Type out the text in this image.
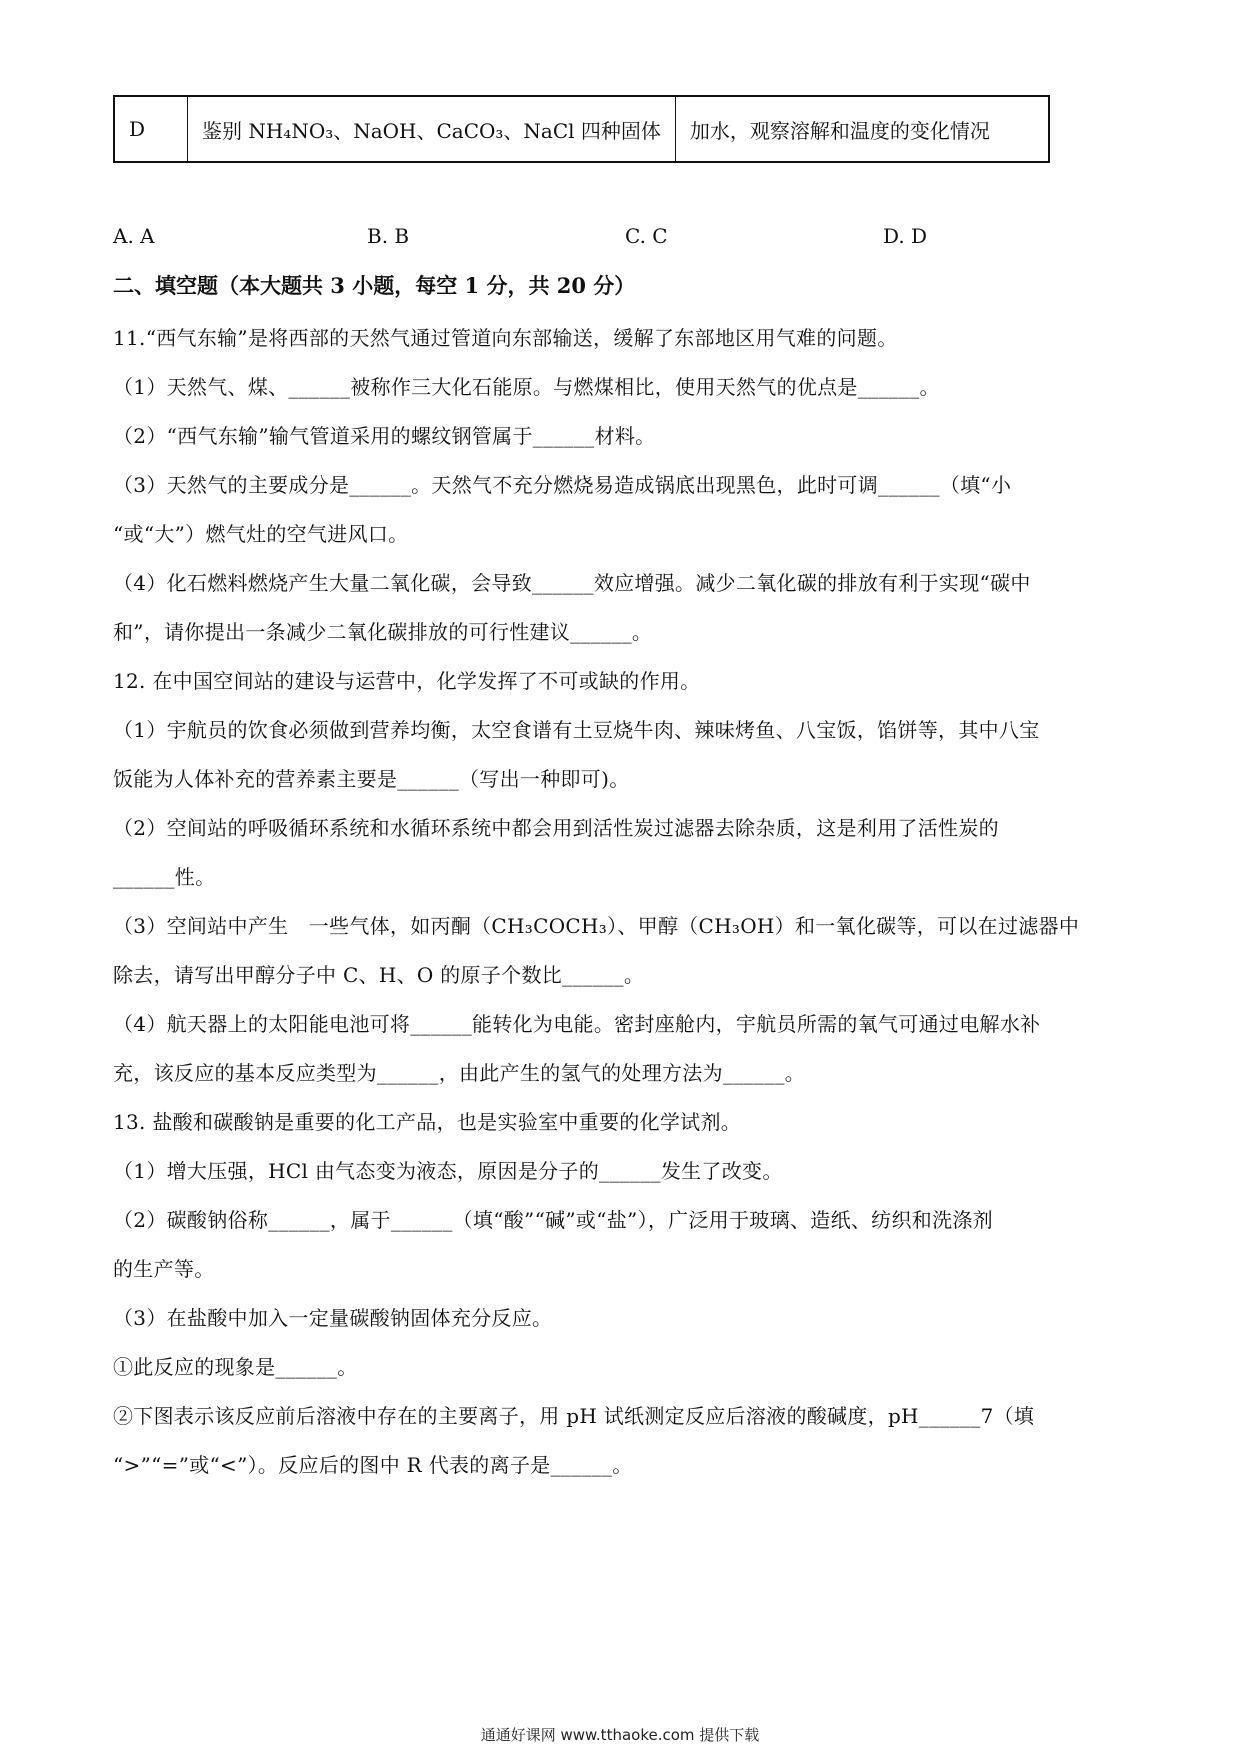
D	鉴别 NH₄NO₃、NaOH、CaCO₃、NaCl 四种固体	加水，观察溶解和温度的变化情况
A. A	B. B	C. C	D. D
二、填空题（本大题共 3 小题，每空 1 分，共 20 分）
11.“西气东输”是将西部的天然气通过管道向东部输送，缓解了东部地区用气难的问题。
（1）天然气、煤、______被称作三大化石能原。与燃煤相比，使用天然气的优点是______。
（2）“西气东输”输气管道采用的螺纹钢管属于______材料。
（3）天然气的主要成分是______。天然气不充分燃烧易造成锅底出现黑色，此时可调______（填“小
“或“大”）燃气灶的空气进风口。
（4）化石燃料燃烧产生大量二氧化碳，会导致______效应增强。减少二氧化碳的排放有利于实现“碳中
和”，请你提出一条减少二氧化碳排放的可行性建议______。
12. 在中国空间站的建设与运营中，化学发挥了不可或缺的作用。
（1）宇航员的饮食必须做到营养均衡，太空食谱有土豆烧牛肉、辣味烤鱼、八宝饭，馅饼等，其中八宝
饭能为人体补充的营养素主要是______（写出一种即可)。
（2）空间站的呼吸循环系统和水循环系统中都会用到活性炭过滤器去除杂质，这是利用了活性炭的
______性。
（3）空间站中产生　一些气体，如丙酮（CH₃COCH₃）、甲醇（CH₃OH）和一氧化碳等，可以在过滤器中
除去，请写出甲醇分子中 C、H、O 的原子个数比______。
（4）航天器上的太阳能电池可将______能转化为电能。密封座舱内，宇航员所需的氧气可通过电解水补
充，该反应的基本反应类型为______，由此产生的氢气的处理方法为______。
13. 盐酸和碳酸钠是重要的化工产品，也是实验室中重要的化学试剂。
（1）增大压强，HCl 由气态变为液态，原因是分子的______发生了改变。
（2）碳酸钠俗称______，属于______（填“酸”“碱”或“盐”），广泛用于玻璃、造纸、纺织和洗涤剂
的生产等。
（3）在盐酸中加入一定量碳酸钠固体充分反应。
①此反应的现象是______。
②下图表示该反应前后溶液中存在的主要离子，用 pH 试纸测定反应后溶液的酸碱度，pH______7（填
“>”“=”或“<”）。反应后的图中 R 代表的离子是______。
通通好课网 www.tthaoke.com 提供下载
